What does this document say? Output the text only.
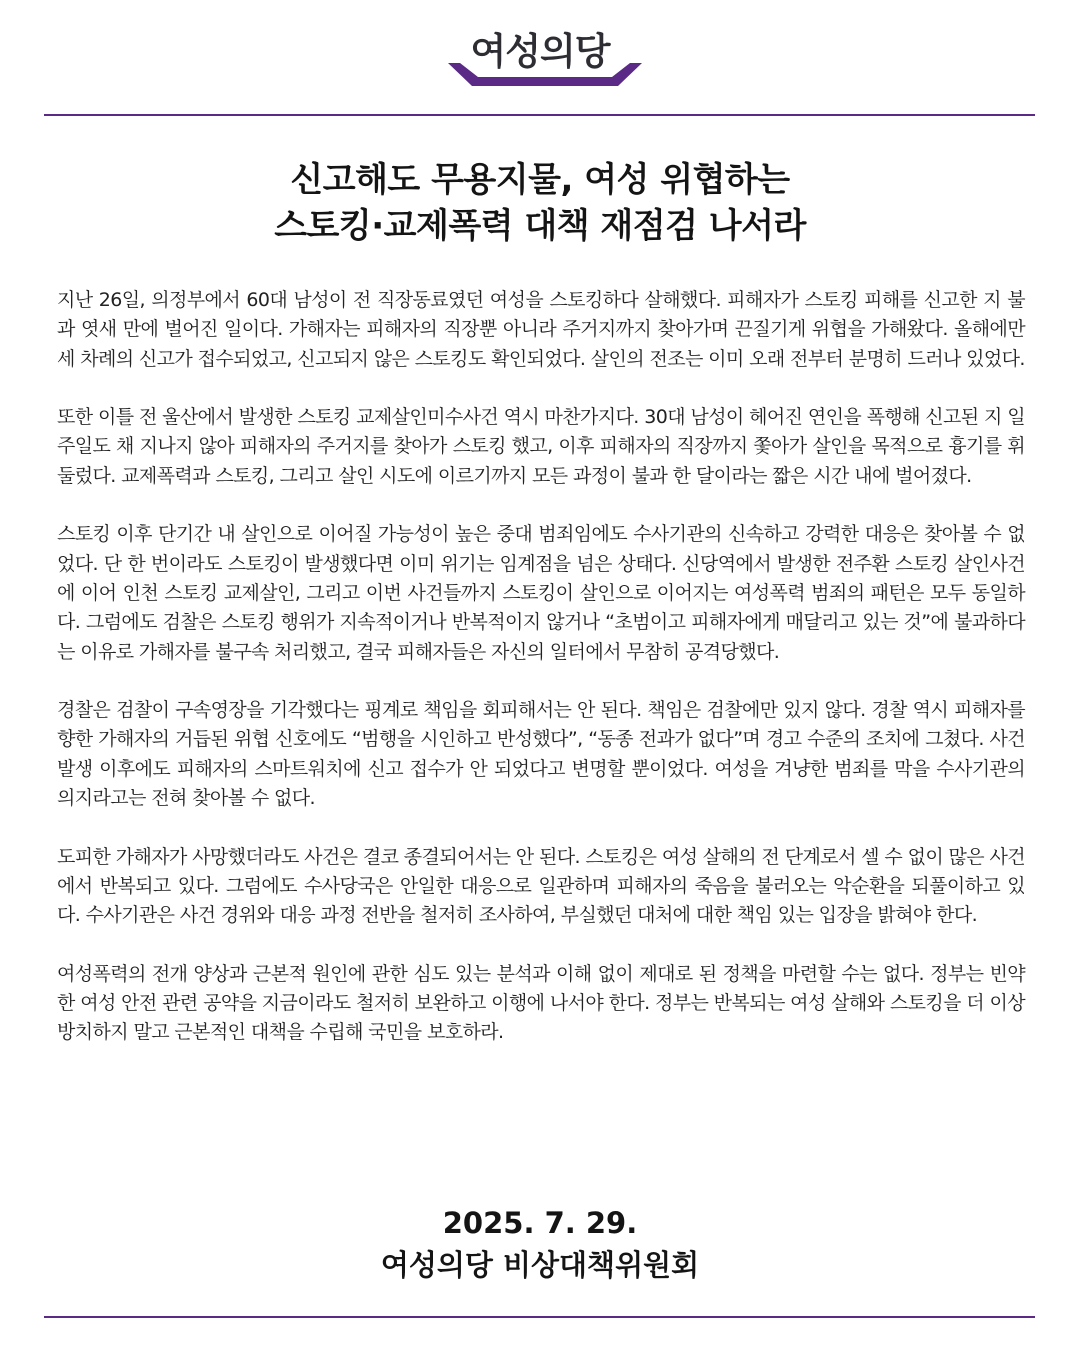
여성의당
신고해도 무용지물, 여성 위협하는
스토킹·교제폭력 대책 재점검 나서라

지난 26일, 의정부에서 60대 남성이 전 직장동료였던 여성을 스토킹하다 살해했다. 피해자가 스토킹 피해를 신고한 지 불과 엿새 만에 벌어진 일이다. 가해자는 피해자의 직장뿐 아니라 주거지까지 찾아가며 끈질기게 위협을 가해왔다. 올해에만 세 차례의 신고가 접수되었고, 신고되지 않은 스토킹도 확인되었다. 살인의 전조는 이미 오래 전부터 분명히 드러나 있었다.

또한 이틀 전 울산에서 발생한 스토킹 교제살인미수사건 역시 마찬가지다. 30대 남성이 헤어진 연인을 폭행해 신고된 지 일주일도 채 지나지 않아 피해자의 주거지를 찾아가 스토킹 했고, 이후 피해자의 직장까지 쫓아가 살인을 목적으로 흉기를 휘둘렀다. 교제폭력과 스토킹, 그리고 살인 시도에 이르기까지 모든 과정이 불과 한 달이라는 짧은 시간 내에 벌어졌다.

스토킹 이후 단기간 내 살인으로 이어질 가능성이 높은 중대 범죄임에도 수사기관의 신속하고 강력한 대응은 찾아볼 수 없었다. 단 한 번이라도 스토킹이 발생했다면 이미 위기는 임계점을 넘은 상태다. 신당역에서 발생한 전주환 스토킹 살인사건에 이어 인천 스토킹 교제살인, 그리고 이번 사건들까지 스토킹이 살인으로 이어지는 여성폭력 범죄의 패턴은 모두 동일하다. 그럼에도 검찰은 스토킹 행위가 지속적이거나 반복적이지 않거나 “초범이고 피해자에게 매달리고 있는 것”에 불과하다는 이유로 가해자를 불구속 처리했고, 결국 피해자들은 자신의 일터에서 무참히 공격당했다.

경찰은 검찰이 구속영장을 기각했다는 핑계로 책임을 회피해서는 안 된다. 책임은 검찰에만 있지 않다. 경찰 역시 피해자를 향한 가해자의 거듭된 위협 신호에도 “범행을 시인하고 반성했다”, “동종 전과가 없다”며 경고 수준의 조치에 그쳤다. 사건 발생 이후에도 피해자의 스마트워치에 신고 접수가 안 되었다고 변명할 뿐이었다. 여성을 겨냥한 범죄를 막을 수사기관의 의지라고는 전혀 찾아볼 수 없다.

도피한 가해자가 사망했더라도 사건은 결코 종결되어서는 안 된다. 스토킹은 여성 살해의 전 단계로서 셀 수 없이 많은 사건에서 반복되고 있다. 그럼에도 수사당국은 안일한 대응으로 일관하며 피해자의 죽음을 불러오는 악순환을 되풀이하고 있다. 수사기관은 사건 경위와 대응 과정 전반을 철저히 조사하여, 부실했던 대처에 대한 책임 있는 입장을 밝혀야 한다.

여성폭력의 전개 양상과 근본적 원인에 관한 심도 있는 분석과 이해 없이 제대로 된 정책을 마련할 수는 없다. 정부는 빈약한 여성 안전 관련 공약을 지금이라도 철저히 보완하고 이행에 나서야 한다. 정부는 반복되는 여성 살해와 스토킹을 더 이상 방치하지 말고 근본적인 대책을 수립해 국민을 보호하라.

2025. 7. 29.
여성의당 비상대책위원회
